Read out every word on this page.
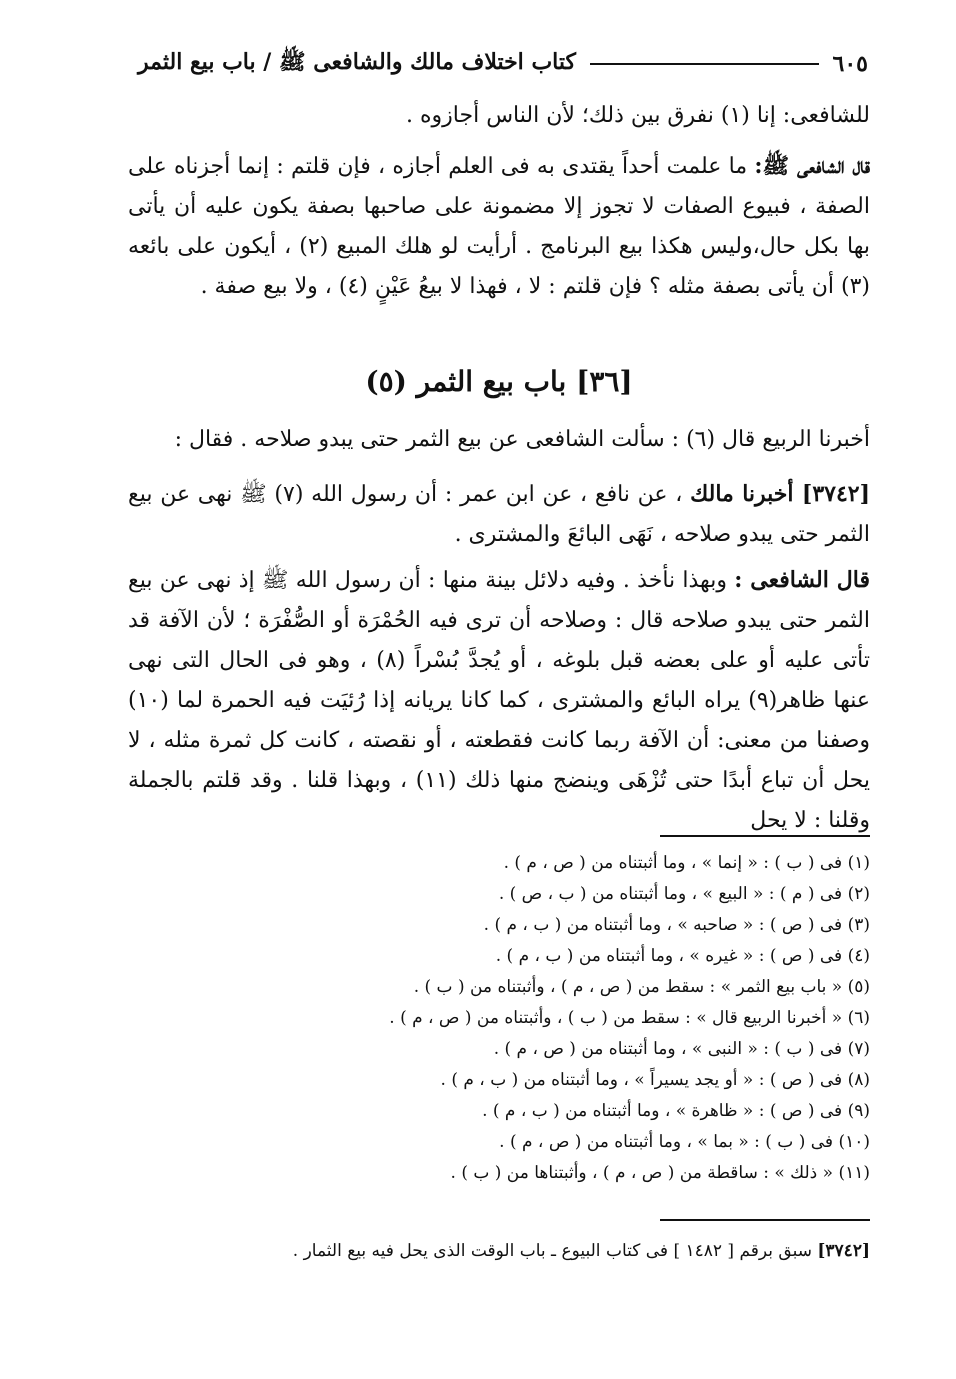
كتاب اختلاف مالك والشافعى ﷺ / باب بيع الثمر	٦٠٥

للشافعى: إنا (١) نفرق بين ذلك؛ لأن الناس أجازوه .

قال الشافعى ﷺ: ما علمت أحداً يقتدى به فى العلم أجازه ، فإن قلتم : إنما أجزناه على الصفة ، فبيوع الصفات لا تجوز إلا مضمونة على صاحبها بصفة يكون عليه أن يأتى بها بكل حال،وليس هكذا بيع البرنامج . أرأيت لو هلك المبيع (٢) ، أيكون على بائعه (٣) أن يأتى بصفة مثله ؟ فإن قلتم : لا ، فهذا لا بيعُ عَيْنٍ (٤) ، ولا بيع صفة .

[٣٦] باب بيع الثمر (٥)

أخبرنا الربيع قال (٦) : سألت الشافعى عن بيع الثمر حتى يبدو صلاحه . فقال :

[٣٧٤٢] أخبرنا مالك ، عن نافع ، عن ابن عمر : أن رسول الله (٧) ﷺ نهى عن بيع الثمر حتى يبدو صلاحه ، نَهَى البائعَ والمشترى .

قال الشافعى : وبهذا نأخذ . وفيه دلائل بينة منها : أن رسول الله ﷺ إذ نهى عن بيع الثمر حتى يبدو صلاحه قال : وصلاحه أن ترى فيه الحُمْرَة أو الصُّفْرَة ؛ لأن الآفة قد تأتى عليه أو على بعضه قبل بلوغه ، أو يُجدَّ بُسْراً (٨) ، وهو فى الحال التى نهى عنها ظاهر(٩) يراه البائع والمشترى ، كما كانا يريانه إذا رُئيَت فيه الحمرة لما (١٠) وصفنا من معنى: أن الآفة ربما كانت فقطعته ، أو نقصته ، كانت كل ثمرة مثله ، لا يحل أن تباع أبدًا حتى تُزْهَى وينضج منها ذلك (١١) ، وبهذا قلنا . وقد قلتم بالجملة وقلنا : لا يحل

(١) فى ( ب ) : « إنما » ، وما أثبتناه من ( ص ، م ) .
(٢) فى ( م ) : « البيع » ، وما أثبتناه من ( ب ، ص ) .
(٣) فى ( ص ) : « صاحبه » ، وما أثبتناه من ( ب ، م ) .
(٤) فى ( ص ) : « غيره » ، وما أثبتناه من ( ب ، م ) .
(٥) « باب بيع الثمر » : سقط من ( ص ، م ) ، وأثبتناه من ( ب ) .
(٦) « أخبرنا الربيع قال » : سقط من ( ب ) ، وأثبتناه من ( ص ، م ) .
(٧) فى ( ب ) : « النبى » ، وما أثبتناه من ( ص ، م ) .
(٨) فى ( ص ) : « أو يجد يسيراً » ، وما أثبتناه من ( ب ، م ) .
(٩) فى ( ص ) : « ظاهرة » ، وما أثبتناه من ( ب ، م ) .
(١٠) فى ( ب ) : « بما » ، وما أثبتناه من ( ص ، م ) .
(١١) « ذلك » : ساقطة من ( ص ، م ) ، وأثبتناها من ( ب ) .

[٣٧٤٢] سبق برقم [ ١٤٨٢ ] فى كتاب البيوع ـ باب الوقت الذى يحل فيه بيع الثمار .
